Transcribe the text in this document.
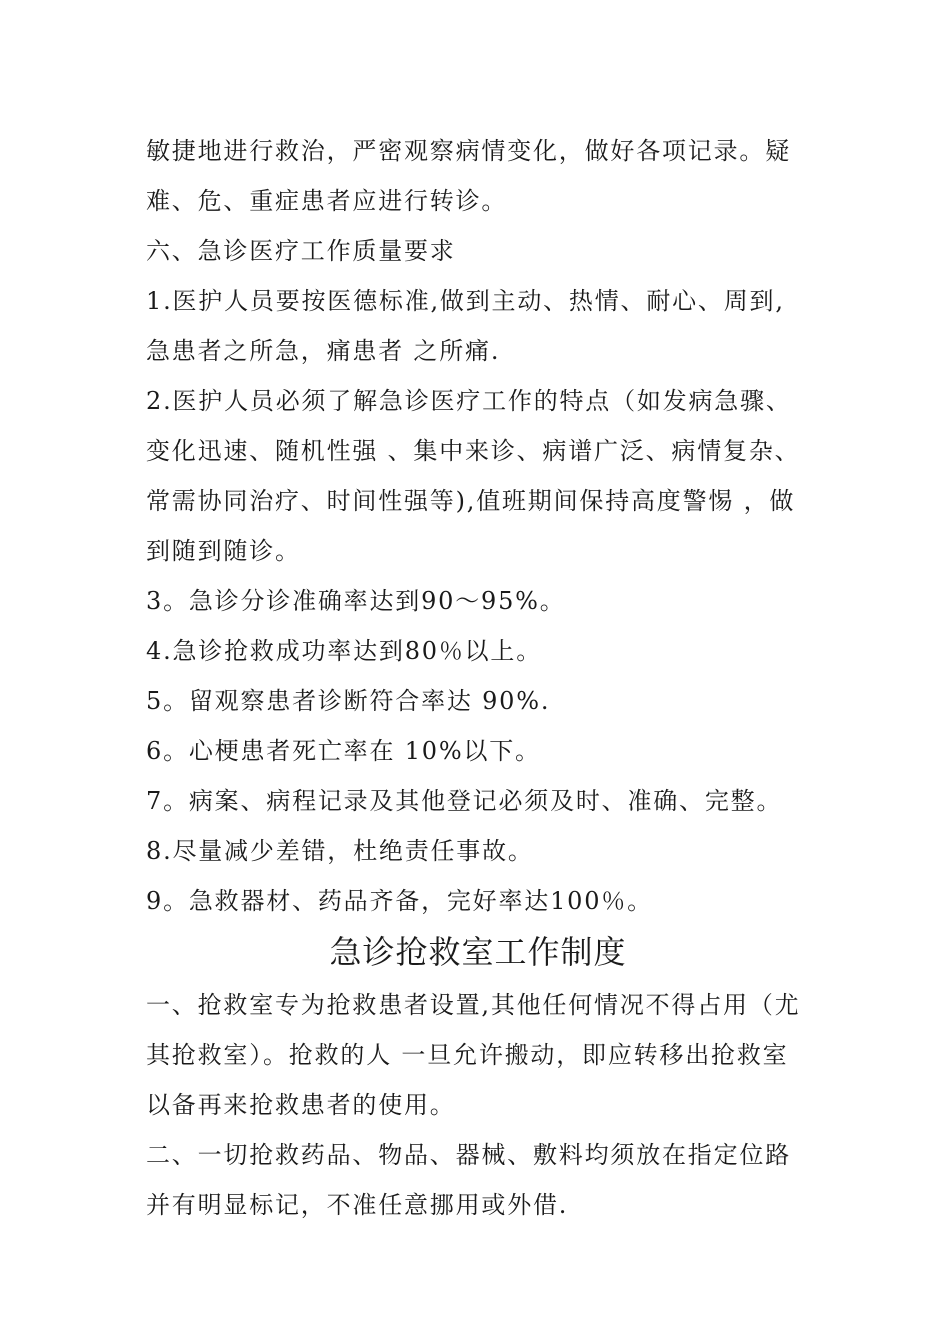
敏捷地进行救治，严密观察病情变化，做好各项记录。疑
难、危、重症患者应进行转诊。
六、急诊医疗工作质量要求
1.医护人员要按医德标准,做到主动、热情、耐心、周到,
急患者之所急，痛患者 之所痛.
2.医护人员必须了解急诊医疗工作的特点（如发病急骤、
变化迅速、随机性强 、集中来诊、病谱广泛、病情复杂、
常需协同治疗、时间性强等),值班期间保持高度警惕 ，做
到随到随诊。
3。急诊分诊准确率达到90～95%。
4.急诊抢救成功率达到80％以上。
5。留观察患者诊断符合率达 90%.
6。心梗患者死亡率在 10%以下。
7。病案、病程记录及其他登记必须及时、准确、完整。
8.尽量减少差错，杜绝责任事故。
9。急救器材、药品齐备，完好率达100％。
急诊抢救室工作制度
一、抢救室专为抢救患者设置,其他任何情况不得占用（尤
其抢救室）。抢救的人 一旦允许搬动，即应转移出抢救室
以备再来抢救患者的使用。
二、一切抢救药品、物品、器械、敷料均须放在指定位路
并有明显标记，不准任意挪用或外借.
